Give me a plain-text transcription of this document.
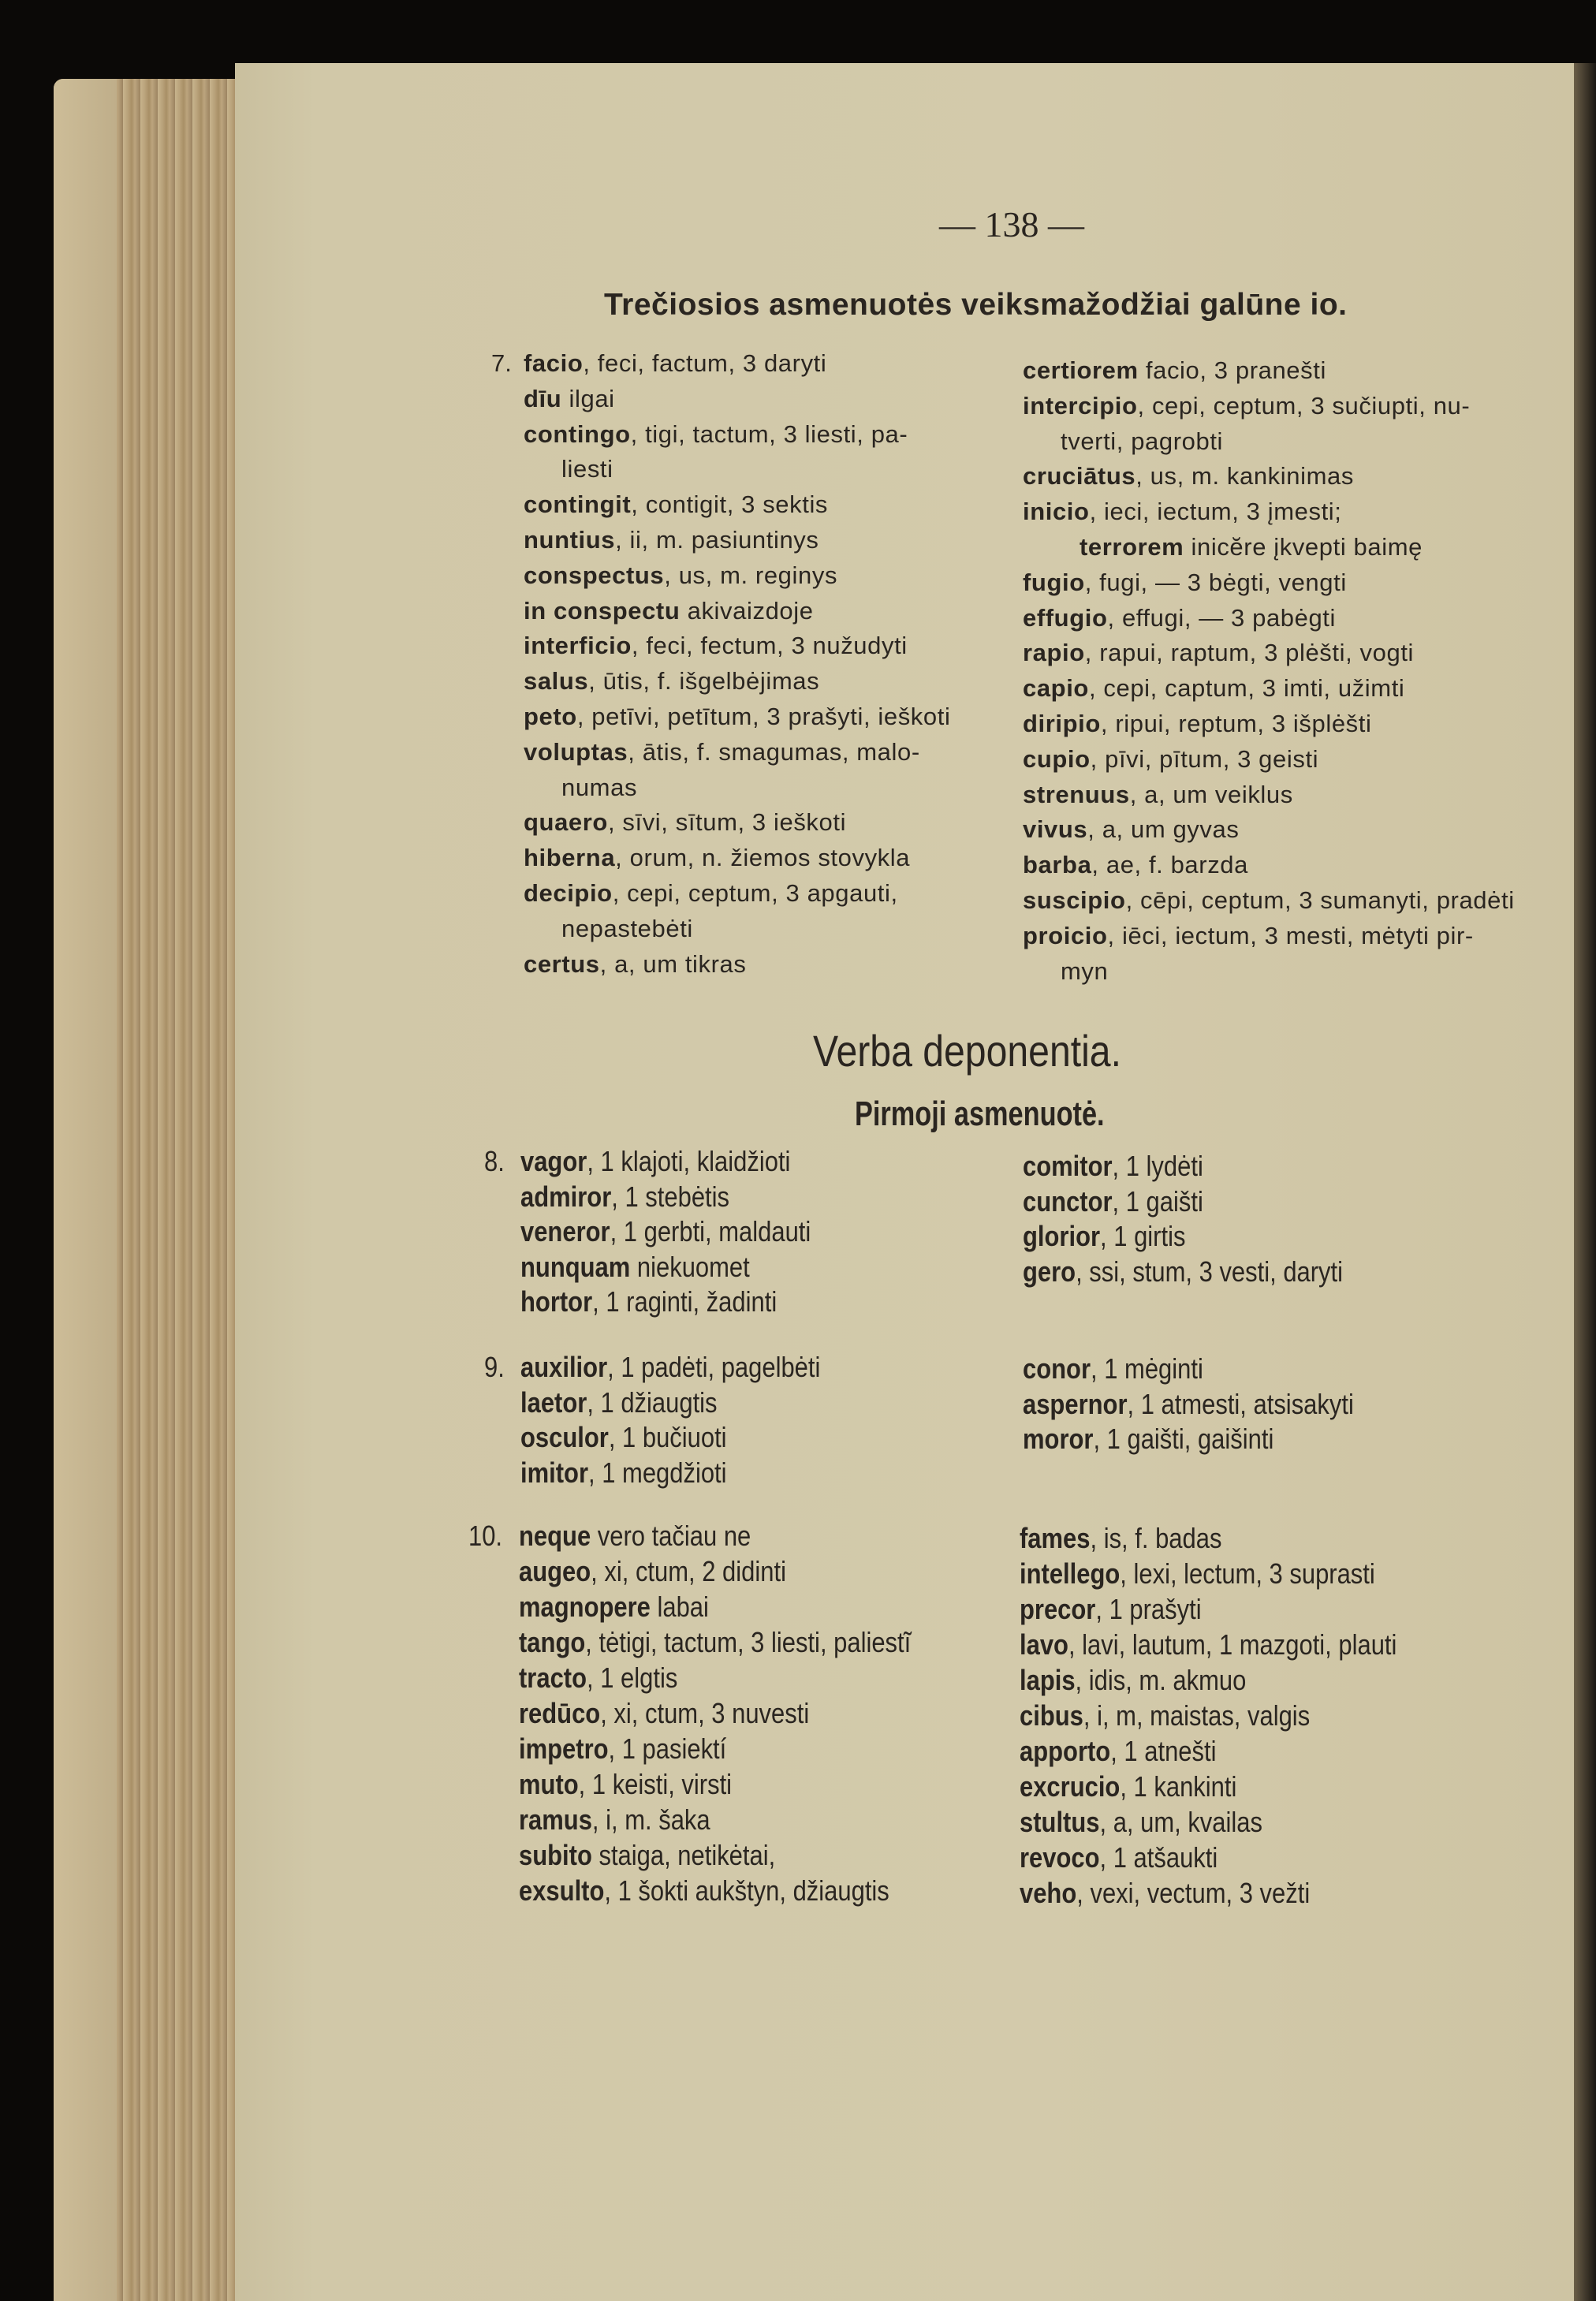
— 138 —
Trečiosios asmenuotės veiksmažodžiai galūne io.
Verba deponentia.
Pirmoji asmenuotė.
7. facio, feci, factum, 3 daryti
dīu ilgai
contingo, tigi, tactum, 3 liesti, pa-
liesti
contingit, contigit, 3 sektis
nuntius, ii, m. pasiuntinys
conspectus, us, m. reginys
in conspectu akivaizdoje
interficio, feci, fectum, 3 nužudyti
salus, ūtis, f. išgelbėjimas
peto, petīvi, petītum, 3 prašyti, ieškoti
voluptas, ātis, f. smagumas, malo-
numas
quaero, sīvi, sītum, 3 ieškoti
hiberna, orum, n. žiemos stovykla
decipio, cepi, ceptum, 3 apgauti,
nepastebėti
certus, a, um tikras
certiorem facio, 3 pranešti
intercipio, cepi, ceptum, 3 sučiupti, nu-
tverti, pagrobti
cruciātus, us, m. kankinimas
inicio, ieci, iectum, 3 įmesti;
terrorem inicĕre įkvepti baimę
fugio, fugi, — 3 bėgti, vengti
effugio, effugi, — 3 pabėgti
rapio, rapui, raptum, 3 plėšti, vogti
capio, cepi, captum, 3 imti, užimti
diripio, ripui, reptum, 3 išplėšti
cupio, pīvi, pītum, 3 geisti
strenuus, a, um veiklus
vivus, a, um gyvas
barba, ae, f. barzda
suscipio, cēpi, ceptum, 3 sumanyti, pradėti
proicio, iēci, iectum, 3 mesti, mėtyti pir-
myn
8. vagor, 1 klajoti, klaidžioti
admiror, 1 stebėtis
veneror, 1 gerbti, maldauti
nunquam niekuomet
hortor, 1 raginti, žadinti
comitor, 1 lydėti
cunctor, 1 gaišti
glorior, 1 girtis
gero, ssi, stum, 3 vesti, daryti
9. auxilior, 1 padėti, pagelbėti
laetor, 1 džiaugtis
osculor, 1 bučiuoti
imitor, 1 megdžioti
conor, 1 mėginti
aspernor, 1 atmesti, atsisakyti
moror, 1 gaišti, gaišinti
10. neque vero tačiau ne
augeo, xi, ctum, 2 didinti
magnopere labai
tango, tėtigi, tactum, 3 liesti, paliestĩ
tracto, 1 elgtis
redūco, xi, ctum, 3 nuvesti
impetro, 1 pasiektí
muto, 1 keisti, virsti
ramus, i, m. šaka
subito staiga, netikėtai,
exsulto, 1 šokti aukštyn, džiaugtis
fames, is, f. badas
intellego, lexi, lectum, 3 suprasti
precor, 1 prašyti
lavo, lavi, lautum, 1 mazgoti, plauti
lapis, idis, m. akmuo
cibus, i, m, maistas, valgis
apporto, 1 atnešti
excrucio, 1 kankinti
stultus, a, um, kvailas
revoco, 1 atšaukti
veho, vexi, vectum, 3 vežti
